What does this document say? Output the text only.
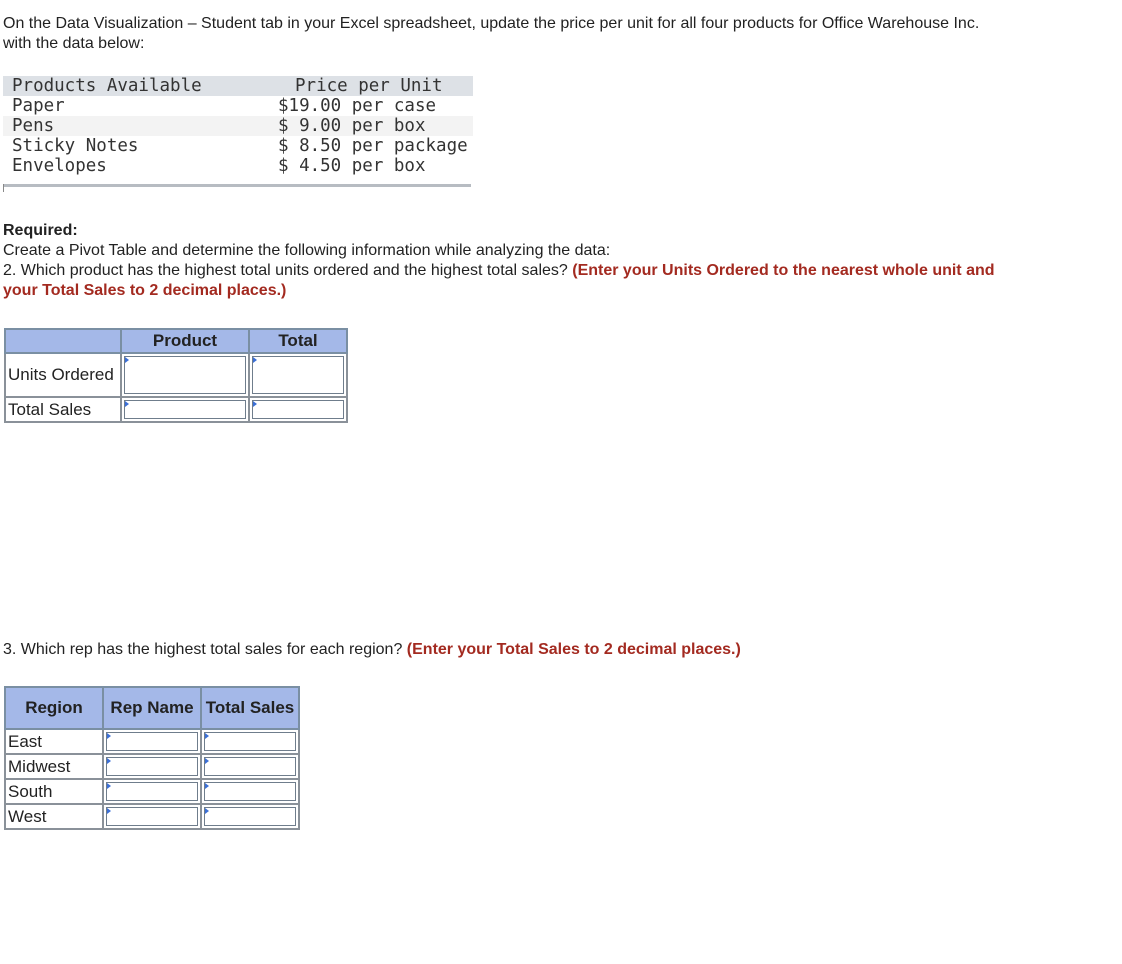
On the Data Visualization – Student tab in your Excel spreadsheet, update the price per unit for all four products for Office Warehouse Inc. with the data below:
Products Available	Price per Unit
Paper	$19.00 per case
Pens	$ 9.00 per box
Sticky Notes	$ 8.50 per package
Envelopes	$ 4.50 per box
Required:
Create a Pivot Table and determine the following information while analyzing the data:
2. Which product has the highest total units ordered and the highest total sales? (Enter your Units Ordered to the nearest whole unit and your Total Sales to 2 decimal places.)
	Product	Total
Units Ordered	

Total Sales	

3. Which rep has the highest total sales for each region? (Enter your Total Sales to 2 decimal places.)
Region	Rep Name	Total Sales
East	

Midwest	

South	

West	
